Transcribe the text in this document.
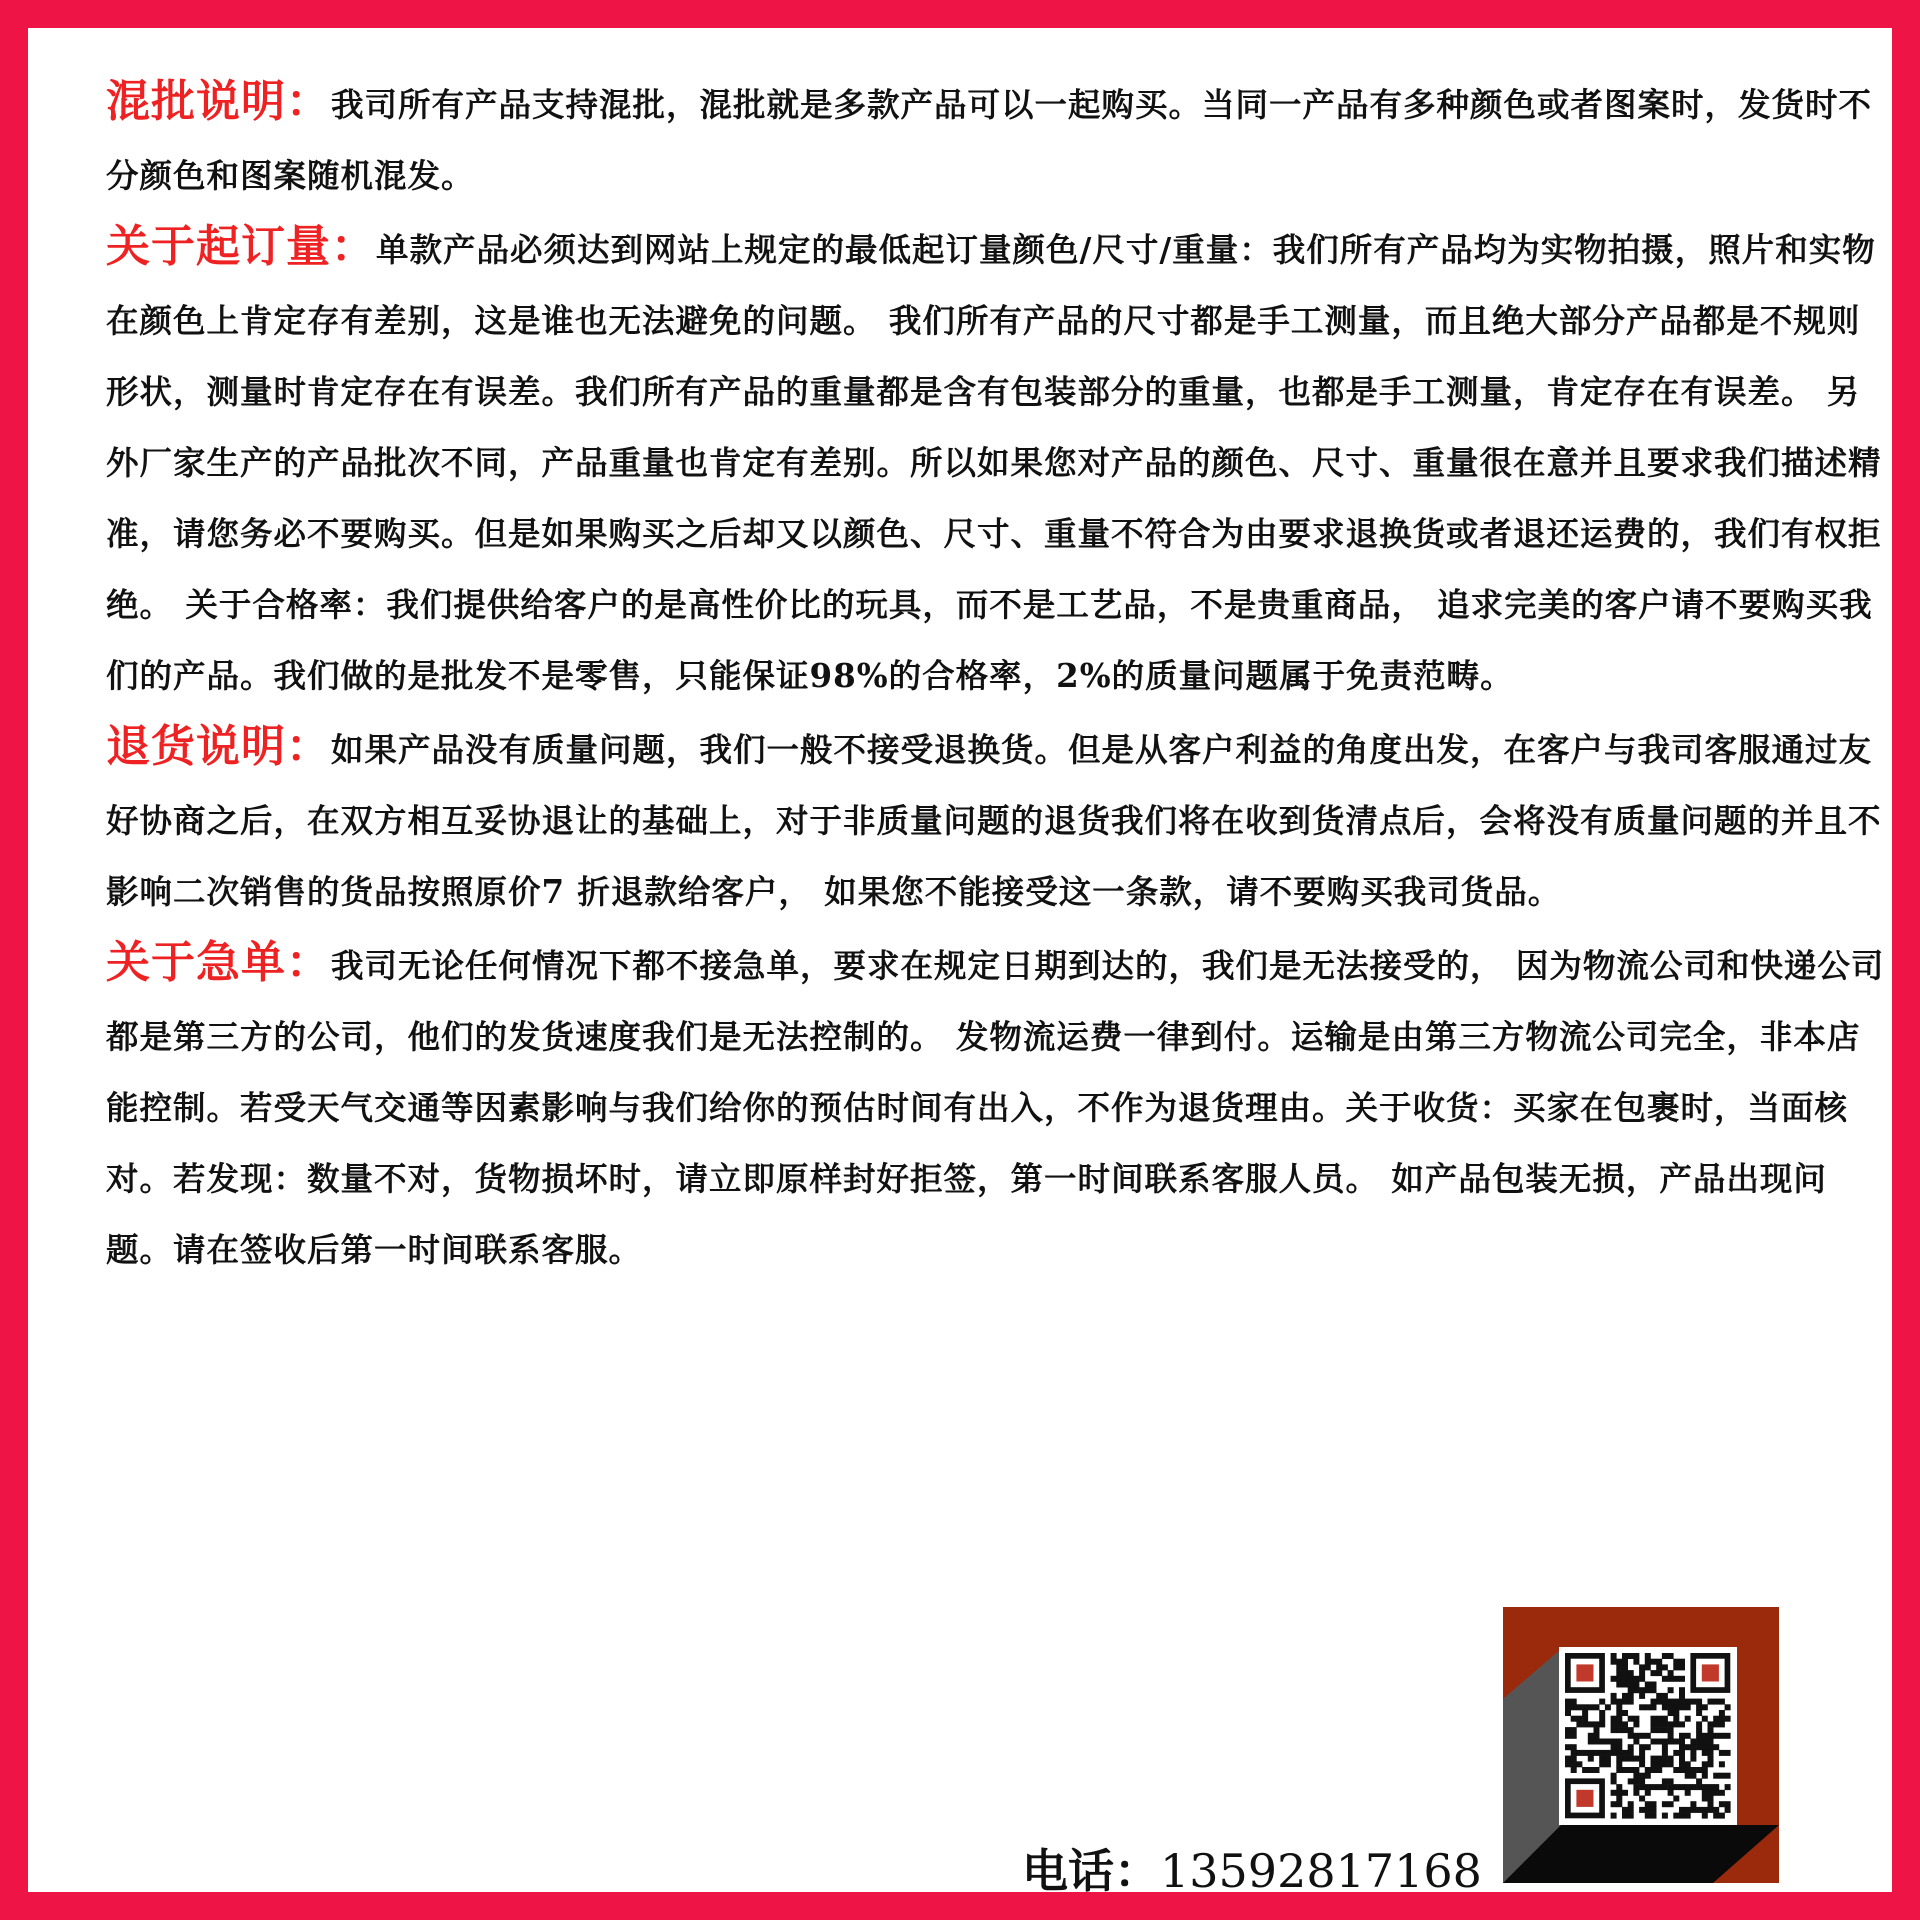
混批说明：我司所有产品支持混批，混批就是多款产品可以一起购买。当同一产品有多种颜色或者图案时，发货时不分颜色和图案随机混发。

关于起订量：单款产品必须达到网站上规定的最低起订量颜色/尺寸/重量：我们所有产品均为实物拍摄，照片和实物在颜色上肯定存有差别，这是谁也无法避免的问题。 我们所有产品的尺寸都是手工测量，而且绝大部分产品都是不规则形状，测量时肯定存在有误差。我们所有产品的重量都是含有包装部分的重量，也都是手工测量，肯定存在有误差。 另外厂家生产的产品批次不同，产品重量也肯定有差别。所以如果您对产品的颜色、尺寸、重量很在意并且要求我们描述精准，请您务必不要购买。但是如果购买之后却又以颜色、尺寸、重量不符合为由要求退换货或者退还运费的，我们有权拒绝。 关于合格率：我们提供给客户的是高性价比的玩具，而不是工艺品，不是贵重商品， 追求完美的客户请不要购买我们的产品。我们做的是批发不是零售，只能保证98%的合格率，2%的质量问题属于免责范畴。

退货说明：如果产品没有质量问题，我们一般不接受退换货。但是从客户利益的角度出发，在客户与我司客服通过友好协商之后，在双方相互妥协退让的基础上，对于非质量问题的退货我们将在收到货清点后，会将没有质量问题的并且不影响二次销售的货品按照原价7 折退款给客户， 如果您不能接受这一条款，请不要购买我司货品。

关于急单：我司无论任何情况下都不接急单，要求在规定日期到达的，我们是无法接受的， 因为物流公司和快递公司都是第三方的公司，他们的发货速度我们是无法控制的。 发物流运费一律到付。运输是由第三方物流公司完全，非本店能控制。若受天气交通等因素影响与我们给你的预估时间有出入，不作为退货理由。关于收货：买家在包裹时，当面核对。若发现：数量不对，货物损坏时，请立即原样封好拒签，第一时间联系客服人员。 如产品包装无损，产品出现问题。请在签收后第一时间联系客服。

电话：13592817168
